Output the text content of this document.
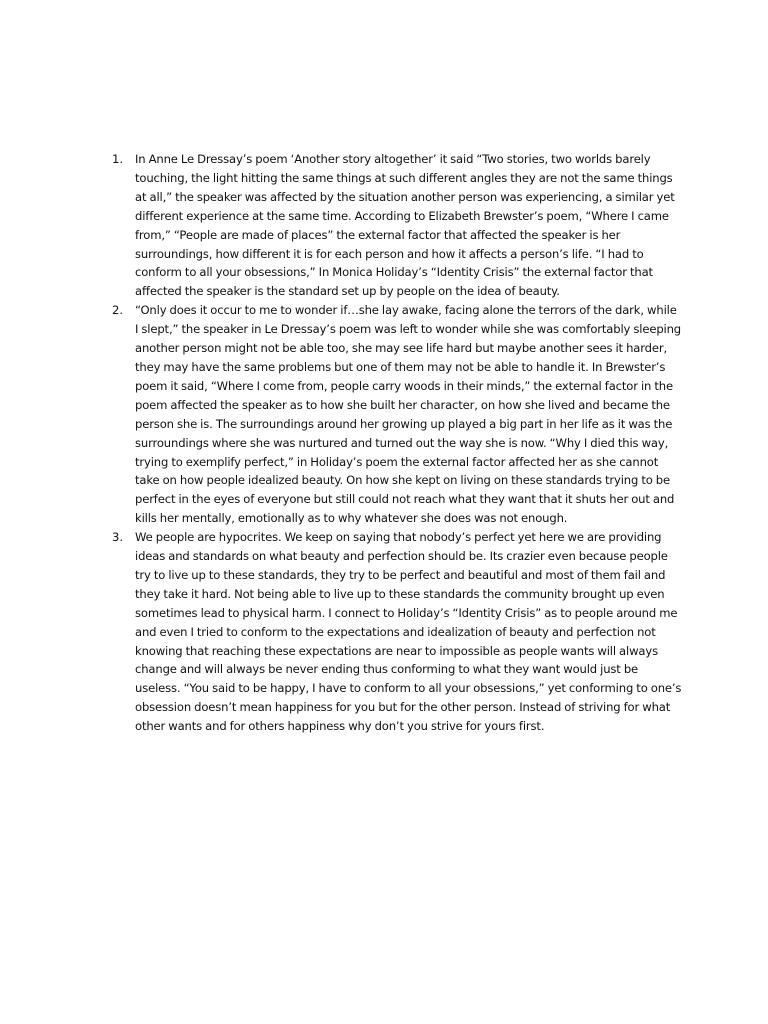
1.	In Anne Le Dressay’s poem ‘Another story altogether’ it said “Two stories, two worlds barely touching, the light hitting the same things at such different angles they are not the same things at all,” the speaker was affected by the situation another person was experiencing, a similar yet different experience at the same time. According to Elizabeth Brewster’s poem, “Where I came from,” “People are made of places” the external factor that affected the speaker is her surroundings, how different it is for each person and how it affects a person’s life. “I had to conform to all your obsessions,” In Monica Holiday’s “Identity Crisis” the external factor that affected the speaker is the standard set up by people on the idea of beauty.
2.	“Only does it occur to me to wonder if…she lay awake, facing alone the terrors of the dark, while I slept,” the speaker in Le Dressay’s poem was left to wonder while she was comfortably sleeping another person might not be able too, she may see life hard but maybe another sees it harder, they may have the same problems but one of them may not be able to handle it. In Brewster’s poem it said, “Where I come from, people carry woods in their minds,” the external factor in the poem affected the speaker as to how she built her character, on how she lived and became the person she is. The surroundings around her growing up played a big part in her life as it was the surroundings where she was nurtured and turned out the way she is now. “Why I died this way, trying to exemplify perfect,” in Holiday’s poem the external factor affected her as she cannot take on how people idealized beauty. On how she kept on living on these standards trying to be perfect in the eyes of everyone but still could not reach what they want that it shuts her out and kills her mentally, emotionally as to why whatever she does was not enough.
3.	We people are hypocrites. We keep on saying that nobody’s perfect yet here we are providing ideas and standards on what beauty and perfection should be. Its crazier even because people try to live up to these standards, they try to be perfect and beautiful and most of them fail and they take it hard. Not being able to live up to these standards the community brought up even sometimes lead to physical harm. I connect to Holiday’s “Identity Crisis” as to people around me and even I tried to conform to the expectations and idealization of beauty and perfection not knowing that reaching these expectations are near to impossible as people wants will always change and will always be never ending thus conforming to what they want would just be useless. “You said to be happy, I have to conform to all your obsessions,” yet conforming to one’s obsession doesn’t mean happiness for you but for the other person. Instead of striving for what other wants and for others happiness why don’t you strive for yours first.
